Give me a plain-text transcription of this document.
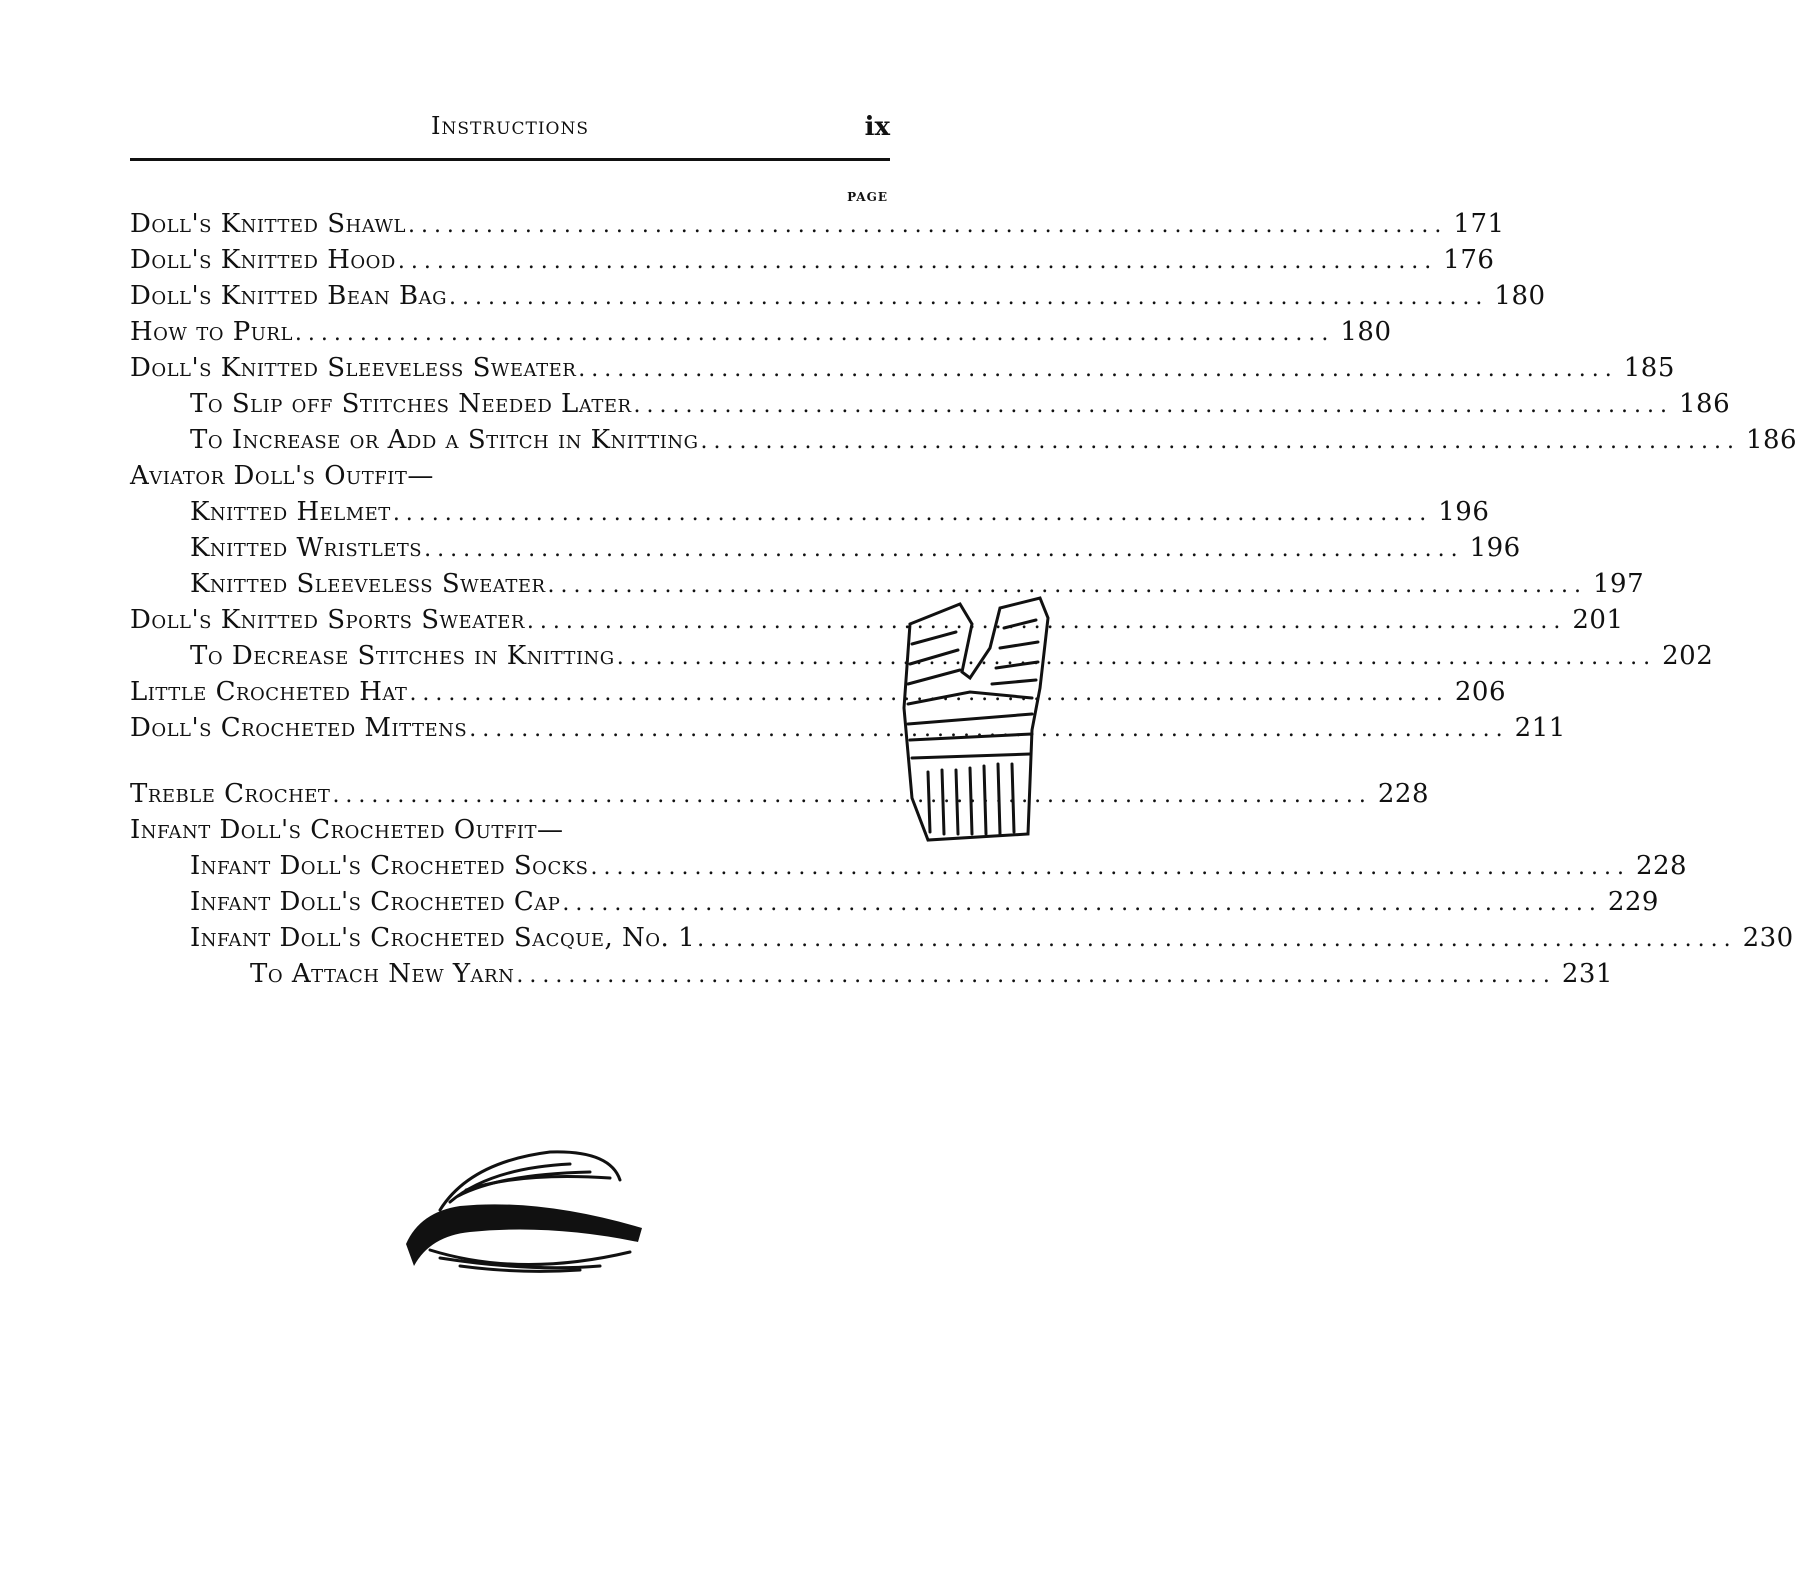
Instructions	ix
PAGE
Doll's Knitted Shawl ................................................................................ 171
Doll's Knitted Hood ................................................................................ 176
Doll's Knitted Bean Bag ................................................................................ 180
How to Purl ................................................................................ 180
Doll's Knitted Sleeveless Sweater ................................................................................ 185
To Slip off Stitches Needed Later ................................................................................ 186
To Increase or Add a Stitch in Knitting ................................................................................ 186
Aviator Doll's Outfit—
Knitted Helmet ................................................................................ 196
Knitted Wristlets ................................................................................ 196
Knitted Sleeveless Sweater ................................................................................ 197
Doll's Knitted Sports Sweater ................................................................................ 201
To Decrease Stitches in Knitting ................................................................................ 202
Little Crocheted Hat ................................................................................ 206
Doll's Crocheted Mittens ................................................................................ 211
Treble Crochet ................................................................................ 228
Infant Doll's Crocheted Outfit—
Infant Doll's Crocheted Socks ................................................................................ 228
Infant Doll's Crocheted Cap ................................................................................ 229
Infant Doll's Crocheted Sacque, No. 1 ................................................................................ 230
To Attach New Yarn ................................................................................ 231
